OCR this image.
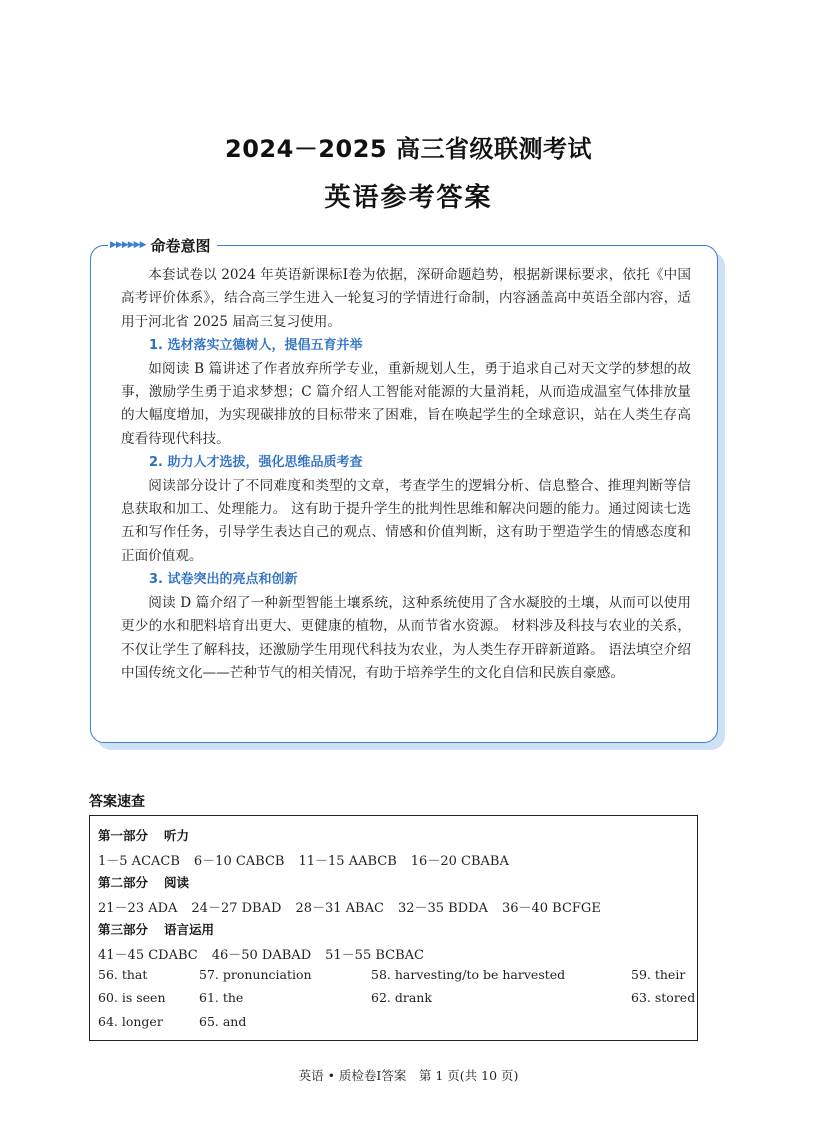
2024－2025 高三省级联测考试
英语参考答案
▶▶▶▶▶▶ 命卷意图

本套试卷以 2024 年英语新课标Ⅰ卷为依据，深研命题趋势，根据新课标要求，依托《中国高考评价体系》，结合高三学生进入一轮复习的学情进行命制，内容涵盖高中英语全部内容，适用于河北省 2025 届高三复习使用。

1. 选材落实立德树人，提倡五育并举

如阅读 B 篇讲述了作者放弃所学专业，重新规划人生，勇于追求自己对天文学的梦想的故事，激励学生勇于追求梦想；C 篇介绍人工智能对能源的大量消耗，从而造成温室气体排放量的大幅度增加，为实现碳排放的目标带来了困难，旨在唤起学生的全球意识，站在人类生存高度看待现代科技。

2. 助力人才选拔，强化思维品质考查

阅读部分设计了不同难度和类型的文章，考查学生的逻辑分析、信息整合、推理判断等信息获取和加工、处理能力。 这有助于提升学生的批判性思维和解决问题的能力。通过阅读七选五和写作任务，引导学生表达自己的观点、情感和价值判断，这有助于塑造学生的情感态度和正面价值观。

3. 试卷突出的亮点和创新

阅读 D 篇介绍了一种新型智能土壤系统，这种系统使用了含水凝胶的土壤，从而可以使用更少的水和肥料培育出更大、更健康的植物，从而节省水资源。 材料涉及科技与农业的关系，不仅让学生了解科技，还激励学生用现代科技为农业，为人类生存开辟新道路。 语法填空介绍中国传统文化——芒种节气的相关情况，有助于培养学生的文化自信和民族自豪感。

答案速查
第一部分 听力
1－5 ACACB 6－10 CABCB 11－15 AABCB 16－20 CBABA
第二部分 阅读
21－23 ADA 24－27 DBAD 28－31 ABAC 32－35 BDDA 36－40 BCFGE
第三部分 语言运用
41－45 CDABC 46－50 DABAD 51－55 BCBAC
56. that	57. pronunciation	58. harvesting/to be harvested	59. their
60. is seen	61. the	62. drank	63. stored
64. longer	65. and
英语 • 质检卷Ⅰ答案　第 1 页(共 10 页)
